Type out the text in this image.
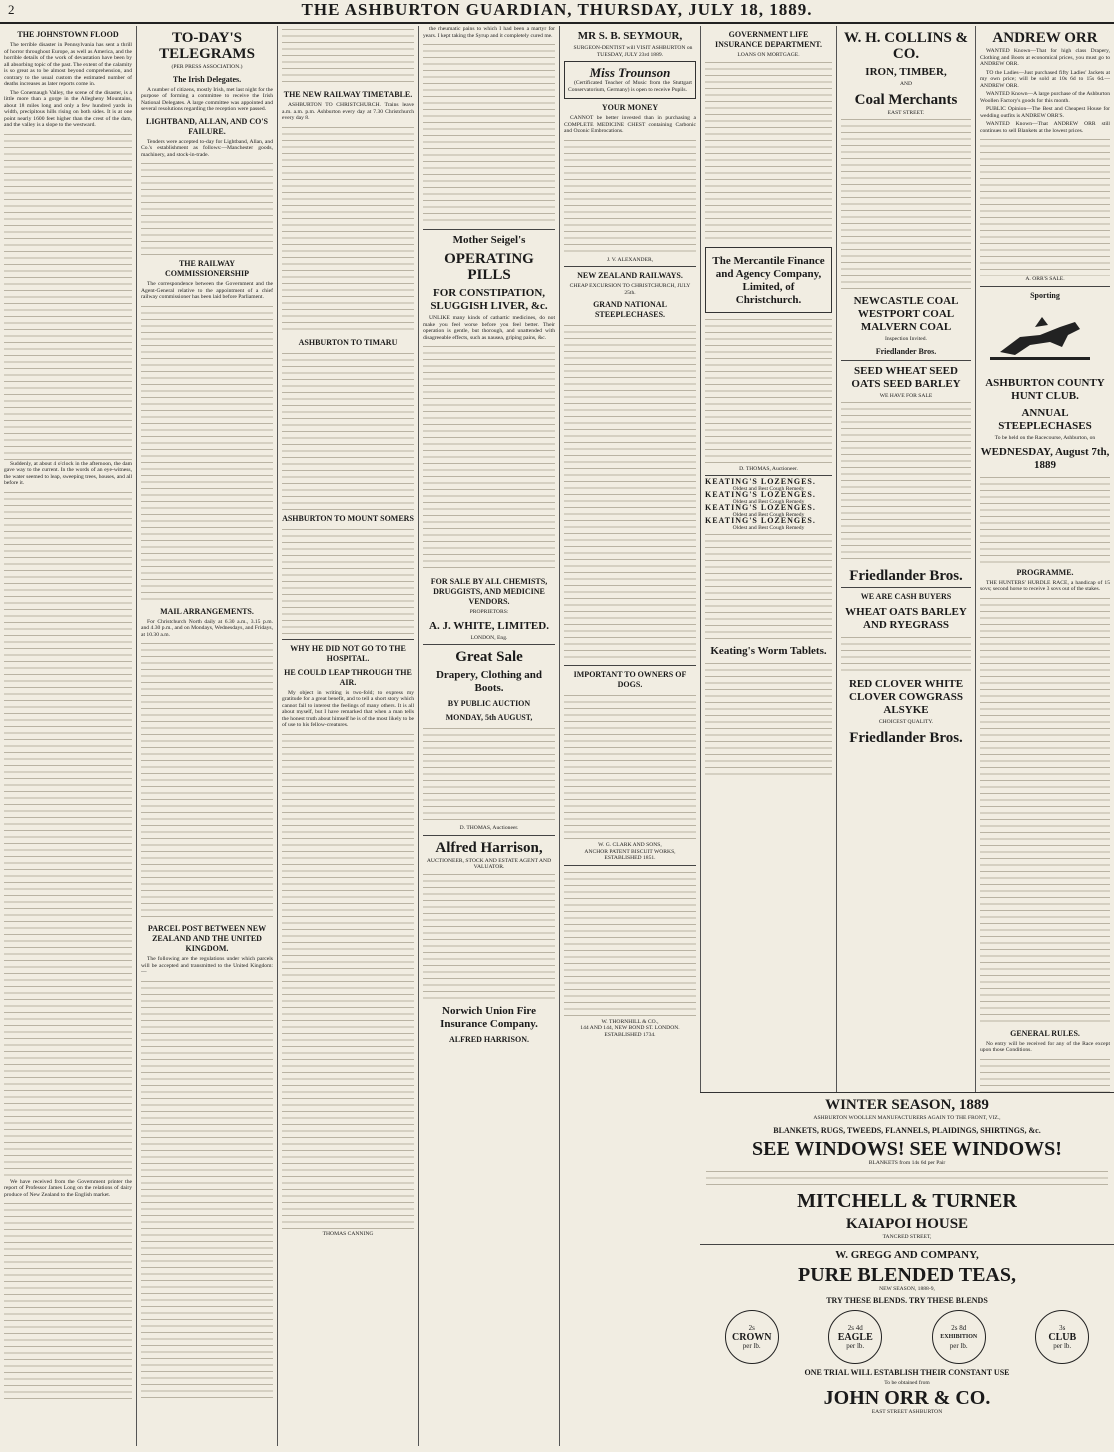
2	THE ASHBURTON GUARDIAN, THURSDAY, JULY 18, 1889.
THE JOHNSTOWN FLOOD

The terrible disaster in Pennsylvania has sent a thrill of horror throughout Europe, as well as America, and the horrible details of the work of devastation have been by all absorbing topic of the past. The extent of the calamity is so great as to be almost beyond comprehension, and contrary to the usual custom the estimated number of deaths increases as later reports come in.

The Conemaugh Valley, the scene of the disaster, is a little more than a gorge in the Allegheny Mountains, about 18 miles long and only a few hundred yards in width, precipitous hills rising on both sides. It is at one point nearly 1600 feet higher than the crest of the dam, and the valley is a slope to the westward.

Suddenly, at about 4 o'clock in the afternoon, the dam gave way to the current. In the words of an eye-witness, the water seemed to leap, sweeping trees, houses, and all before it.

We have received from the Government printer the report of Professor James Long on the relations of dairy produce of New Zealand to the English market.

TO-DAY'S TELEGRAMS
(PER PRESS ASSOCIATION.)
The Irish Delegates.

A number of citizens, mostly Irish, met last night for the purpose of forming a committee to receive the Irish National Delegates. A large committee was appointed and several resolutions regarding the reception were passed.

LIGHTBAND, ALLAN, AND CO'S FAILURE.

Tenders were accepted to-day for Lightband, Allan, and Co.'s establishment as follows:—Manchester goods, machinery, and stock-in-trade.

THE RAILWAY COMMISSIONERSHIP

The correspondence between the Government and the Agent-General relative to the appointment of a chief railway commissioner has been laid before Parliament.

MAIL ARRANGEMENTS.

For Christchurch North daily at 6.30 a.m., 3.15 p.m. and 4.30 p.m., and on Mondays, Wednesdays, and Fridays, at 10.30 a.m.

PARCEL POST BETWEEN NEW ZEALAND AND THE UNITED KINGDOM.

The following are the regulations under which parcels will be accepted and transmitted to the United Kingdom:—

THE NEW RAILWAY TIMETABLE.

ASHBURTON TO CHRISTCHURCH. Trains leave a.m. a.m. p.m. Ashburton every day at 7.30 Christchurch every day 8.

ASHBURTON TO TIMARU
ASHBURTON TO MOUNT SOMERS
WHY HE DID NOT GO TO THE HOSPITAL.
HE COULD LEAP THROUGH THE AIR.

My object in writing is two-fold; to express my gratitude for a great benefit, and to tell a short story which cannot fail to interest the feelings of many others. It is all about myself, but I have remarked that when a man tells the honest truth about himself he is of the most likely to be of use to his fellow-creatures.

THOMAS CANNING

the rheumatic pains to which I had been a martyr for years. I kept taking the Syrup and it completely cured me.

Mother Seigel's
OPERATING PILLS
FOR CONSTIPATION, SLUGGISH LIVER, &c.

UNLIKE many kinds of cathartic medicines, do not make you feel worse before you feel better. Their operation is gentle, but thorough, and unattended with disagreeable effects, such as nausea, griping pains, &c.

FOR SALE BY ALL CHEMISTS, DRUGGISTS, AND MEDICINE VENDORS.
PROPRIETORS:
A. J. WHITE, LIMITED.
LONDON, Eng.
Great Sale
Drapery, Clothing and Boots.
BY PUBLIC AUCTION
MONDAY, 5th AUGUST,
D. THOMAS, Auctioneer.
Alfred Harrison,
AUCTIONEER, STOCK AND ESTATE AGENT AND VALUATOR.
Norwich Union Fire Insurance Company.
ALFRED HARRISON.
MR S. B. SEYMOUR,

SURGEON-DENTIST will VISIT ASHBURTON on TUESDAY, JULY 23rd 1889.

Miss Trounson

(Certificated Teacher of Music from the Stuttgart Conservatorium, Germany) is open to receive Pupils.

YOUR MONEY

CANNOT be better invested than in purchasing a COMPLETE MEDICINE CHEST containing Carbonic and Ozonic Embrocations.

J. V. ALEXANDER,
NEW ZEALAND RAILWAYS.
CHEAP EXCURSION TO CHRISTCHURCH, JULY 25th.
GRAND NATIONAL STEEPLECHASES.
IMPORTANT TO OWNERS OF DOGS.
W. G. CLARK AND SONS,
ANCHOR PATENT BISCUIT WORKS,
ESTABLISHED 1851.
W. THORNHILL & CO.,
144 AND 144, NEW BOND ST. LONDON.
ESTABLISHED 1734.
GOVERNMENT LIFE INSURANCE DEPARTMENT.
LOANS ON MORTGAGE.
The Mercantile Finance and Agency Company, Limited, of Christchurch.
D. THOMAS, Auctioneer.
KEATING'S LOZENGES.
Oldest and Best Cough Remedy
KEATING'S LOZENGES.
Oldest and Best Cough Remedy
KEATING'S LOZENGES.
Oldest and Best Cough Remedy
KEATING'S LOZENGES.
Oldest and Best Cough Remedy
Keating's Worm Tablets.
W. H. COLLINS & CO.
IRON, TIMBER,
AND
Coal Merchants
EAST STREET.
NEWCASTLE COAL WESTPORT COAL MALVERN COAL
Inspection Invited.
Friedlander Bros.
SEED WHEAT SEED OATS SEED BARLEY
WE HAVE FOR SALE
Friedlander Bros.
WE ARE CASH BUYERS
WHEAT OATS BARLEY AND RYEGRASS
RED CLOVER WHITE CLOVER COWGRASS ALSYKE
CHOICEST QUALITY.
Friedlander Bros.
ANDREW ORR

WANTED Known—That for high class Drapery, Clothing and Boots at economical prices, you must go to ANDREW ORR.

TO the Ladies—Just purchased fifty Ladies' Jackets at my own price; will be sold at 10s 6d to 15s 6d.—ANDREW ORR.

WANTED Known—A large purchase of the Ashburton Woollen Factory's goods for this month.

PUBLIC Opinion—The Best and Cheapest House for wedding outfits is ANDREW ORR'S.

WANTED Known—That ANDREW ORR still continues to sell Blankets at the lowest prices.

A. ORR'S SALE.
Sporting
ASHBURTON COUNTY HUNT CLUB.
ANNUAL STEEPLECHASES
To be held on the Racecourse, Ashburton, on
WEDNESDAY, August 7th, 1889
PROGRAMME.

THE HUNTERS' HURDLE RACE, a handicap of 15 sovs; second horse to receive 3 sovs out of the stakes.

GENERAL RULES.

No entry will be received for any of the Race except upon those Conditions.

WINTER SEASON, 1889
ASHBURTON WOOLLEN MANUFACTURERS AGAIN TO THE FRONT, VIZ.,
BLANKETS, RUGS, TWEEDS, FLANNELS, PLAIDINGS, SHIRTINGS, &c.
SEE WINDOWS! SEE WINDOWS!
BLANKETS from 14s 6d per Pair
MITCHELL & TURNER
KAIAPOI HOUSE
TANCRED STREET,
W. GREGG AND COMPANY,
PURE BLENDED TEAS,
NEW SEASON, 1888-9,
TRY THESE BLENDS. TRY THESE BLENDS
2s
CROWN
per lb.
2s 4d
EAGLE
per lb.
2s 8d
EXHIBITION
per lb.
3s
CLUB
per lb.
ONE TRIAL WILL ESTABLISH THEIR CONSTANT USE
To be obtained from
JOHN ORR & CO.
EAST STREET ASHBURTON
